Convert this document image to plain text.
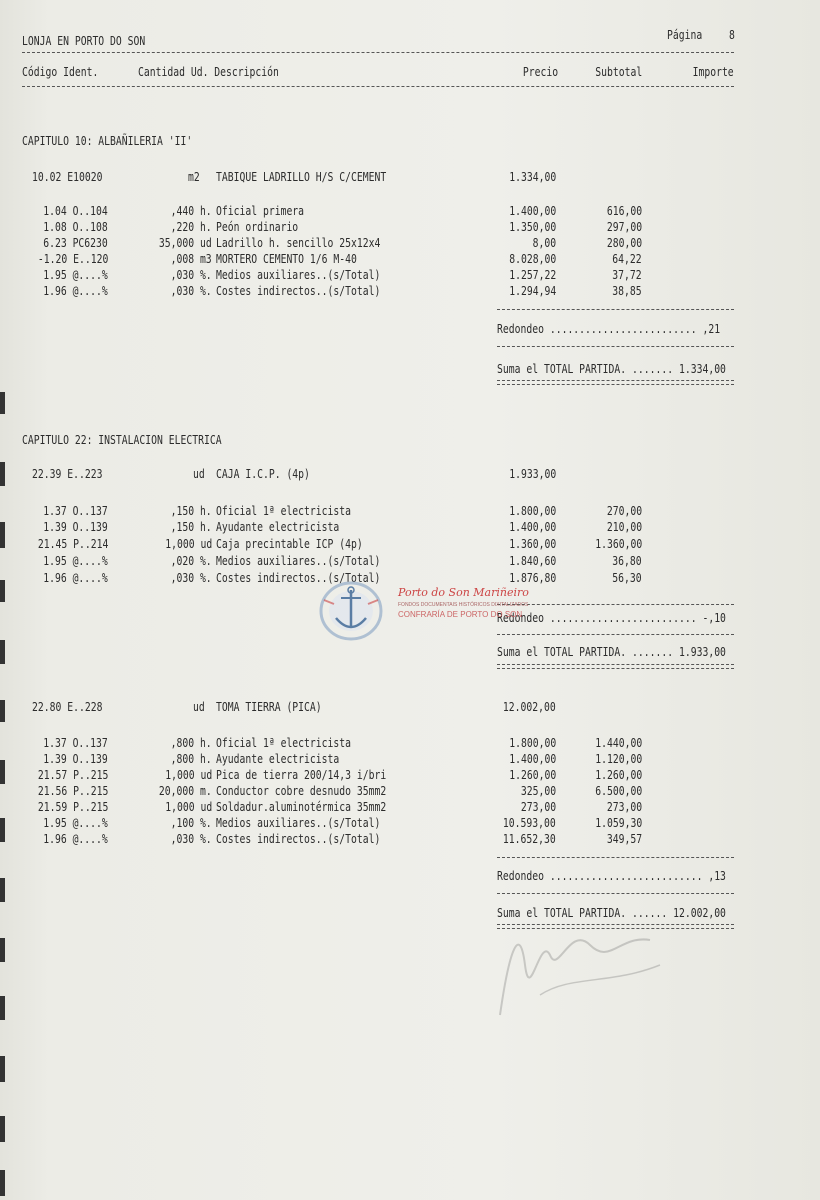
LONJA EN PORTO DO SON	Página 8
Código Ident.	Cantidad Ud. Descripción	Precio	Subtotal	Importe
CAPITULO 10: ALBAÑILERIA 'II'
10.02 E10020	m2 TABIQUE LADRILLO H/S C/CEMENT	1.334,00
1.04 O..104	,440 h. Oficial primera	1.400,00	616,00
1.08 O..108	,220 h. Peón ordinario	1.350,00	297,00
6.23 PC6230	35,000 ud Ladrillo h. sencillo 25x12x4	8,00	280,00
-1.20 E..120	,008 m3 MORTERO CEMENTO 1/6 M-40	8.028,00	64,22
1.95 @....%	,030 %. Medios auxiliares..(s/Total)	1.257,22	37,72
1.96 @....%	,030 %. Costes indirectos..(s/Total)	1.294,94	38,85
Redondeo ......................... ,21
Suma el TOTAL PARTIDA. ....... 1.334,00
CAPITULO 22: INSTALACION ELECTRICA
22.39 E..223	ud CAJA I.C.P. (4p)	1.933,00
1.37 O..137	,150 h. Oficial 1ª electricista	1.800,00	270,00
1.39 O..139	,150 h. Ayudante electricista	1.400,00	210,00
21.45 P..214	1,000 ud Caja precintable ICP (4p)	1.360,00	1.360,00
1.95 @....%	,020 %. Medios auxiliares..(s/Total)	1.840,60	36,80
1.96 @....%	,030 %. Costes indirectos..(s/Total)	1.876,80	56,30
Redondeo ......................... -,10
Suma el TOTAL PARTIDA. ....... 1.933,00
22.80 E..228	ud TOMA TIERRA (PICA)	12.002,00
1.37 O..137	,800 h. Oficial 1ª electricista	1.800,00	1.440,00
1.39 O..139	,800 h. Ayudante electricista	1.400,00	1.120,00
21.57 P..215	1,000 ud Pica de tierra 200/14,3 i/bri	1.260,00	1.260,00
21.56 P..215	20,000 m. Conductor cobre desnudo 35mm2	325,00	6.500,00
21.59 P..215	1,000 ud Soldadur.aluminotérmica 35mm2	273,00	273,00
1.95 @....%	,100 %. Medios auxiliares..(s/Total)	10.593,00	1.059,30
1.96 @....%	,030 %. Costes indirectos..(s/Total)	11.652,30	349,57
Redondeo .......................... ,13
Suma el TOTAL PARTIDA. ...... 12.002,00
Porto do Son Mariñeiro
FONDOS DOCUMENTAIS HISTÓRICOS DIXITALIZADOS
CONFRARÍA DE PORTO DO SON
